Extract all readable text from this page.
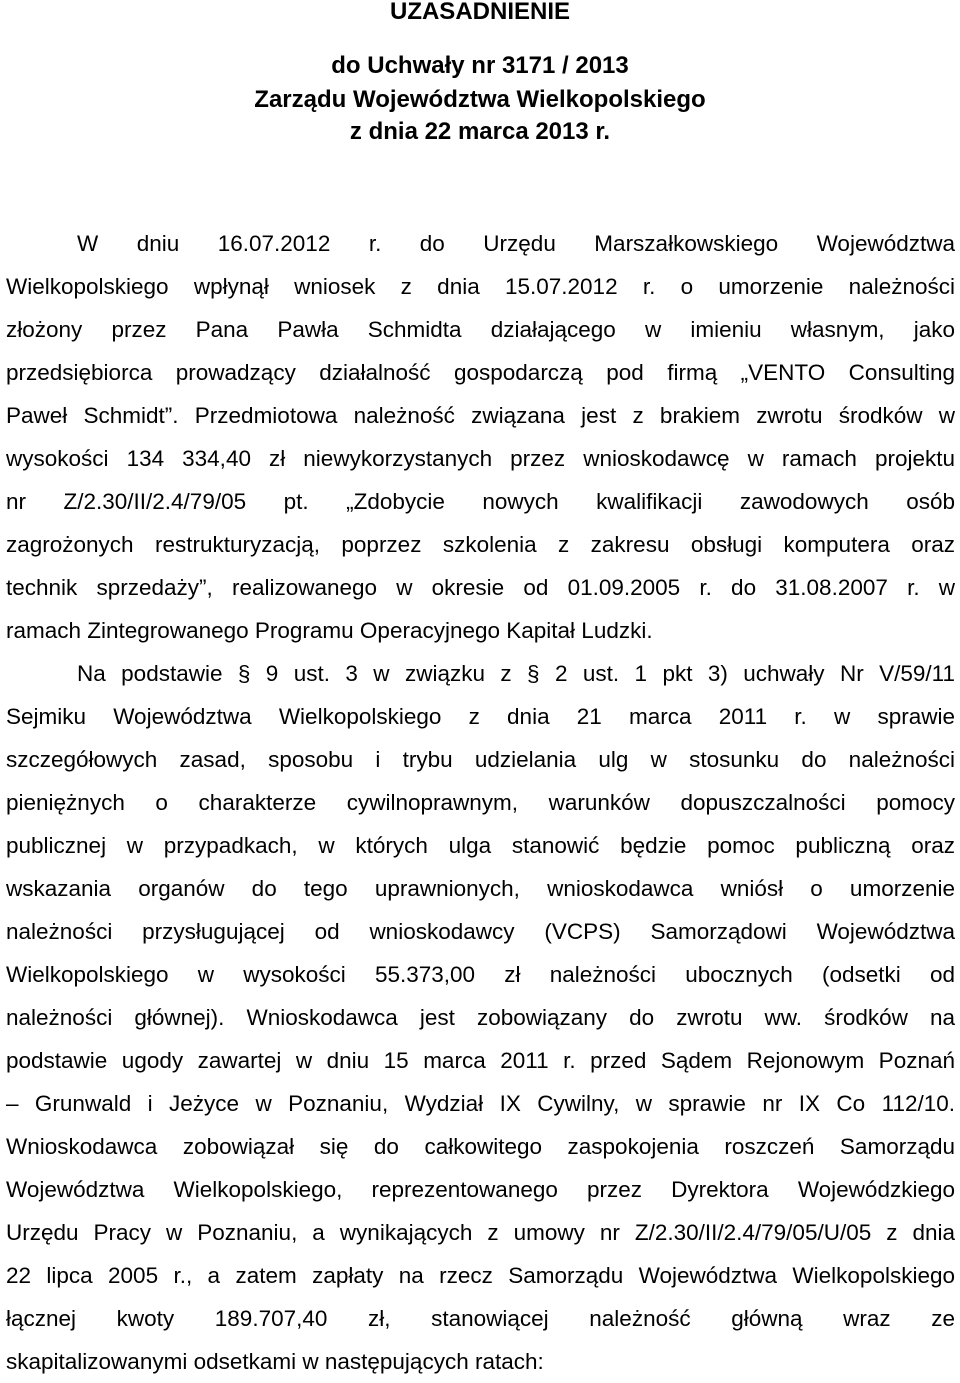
UZASADNIENIE
do Uchwały nr 3171 / 2013
Zarządu Województwa Wielkopolskiego
z dnia 22 marca 2013 r.
W dniu 16.07.2012 r. do Urzędu Marszałkowskiego Województwa
Wielkopolskiego wpłynął wniosek z dnia 15.07.2012 r. o umorzenie należności
złożony przez Pana Pawła Schmidta działającego w imieniu własnym, jako
przedsiębiorca prowadzący działalność gospodarczą pod firmą „VENTO Consulting
Paweł Schmidt”. Przedmiotowa należność związana jest z brakiem zwrotu środków w
wysokości 134 334,40 zł niewykorzystanych przez wnioskodawcę w ramach projektu
nr Z/2.30/II/2.4/79/05 pt. „Zdobycie nowych kwalifikacji zawodowych osób
zagrożonych restrukturyzacją, poprzez szkolenia z zakresu obsługi komputera oraz
technik sprzedaży”, realizowanego w okresie od 01.09.2005 r. do 31.08.2007 r. w
ramach Zintegrowanego Programu Operacyjnego Kapitał Ludzki.
Na podstawie § 9 ust. 3 w związku z § 2 ust. 1 pkt 3) uchwały Nr V/59/11
Sejmiku Województwa Wielkopolskiego z dnia 21 marca 2011 r. w sprawie
szczegółowych zasad, sposobu i trybu udzielania ulg w stosunku do należności
pieniężnych o charakterze cywilnoprawnym, warunków dopuszczalności pomocy
publicznej w przypadkach, w których ulga stanowić będzie pomoc publiczną oraz
wskazania organów do tego uprawnionych, wnioskodawca wniósł o umorzenie
należności przysługującej od wnioskodawcy (VCPS) Samorządowi Województwa
Wielkopolskiego w wysokości 55.373,00 zł należności ubocznych (odsetki od
należności głównej). Wnioskodawca jest zobowiązany do zwrotu ww. środków na
podstawie ugody zawartej w dniu 15 marca 2011 r. przed Sądem Rejonowym Poznań
– Grunwald i Jeżyce w Poznaniu, Wydział IX Cywilny, w sprawie nr IX Co 112/10.
Wnioskodawca zobowiązał się do całkowitego zaspokojenia roszczeń Samorządu
Województwa Wielkopolskiego, reprezentowanego przez Dyrektora Wojewódzkiego
Urzędu Pracy w Poznaniu, a wynikających z umowy nr Z/2.30/II/2.4/79/05/U/05 z dnia
22 lipca 2005 r., a zatem zapłaty na rzecz Samorządu Województwa Wielkopolskiego
łącznej kwoty 189.707,40 zł, stanowiącej należność główną wraz ze
skapitalizowanymi odsetkami w następujących ratach:
